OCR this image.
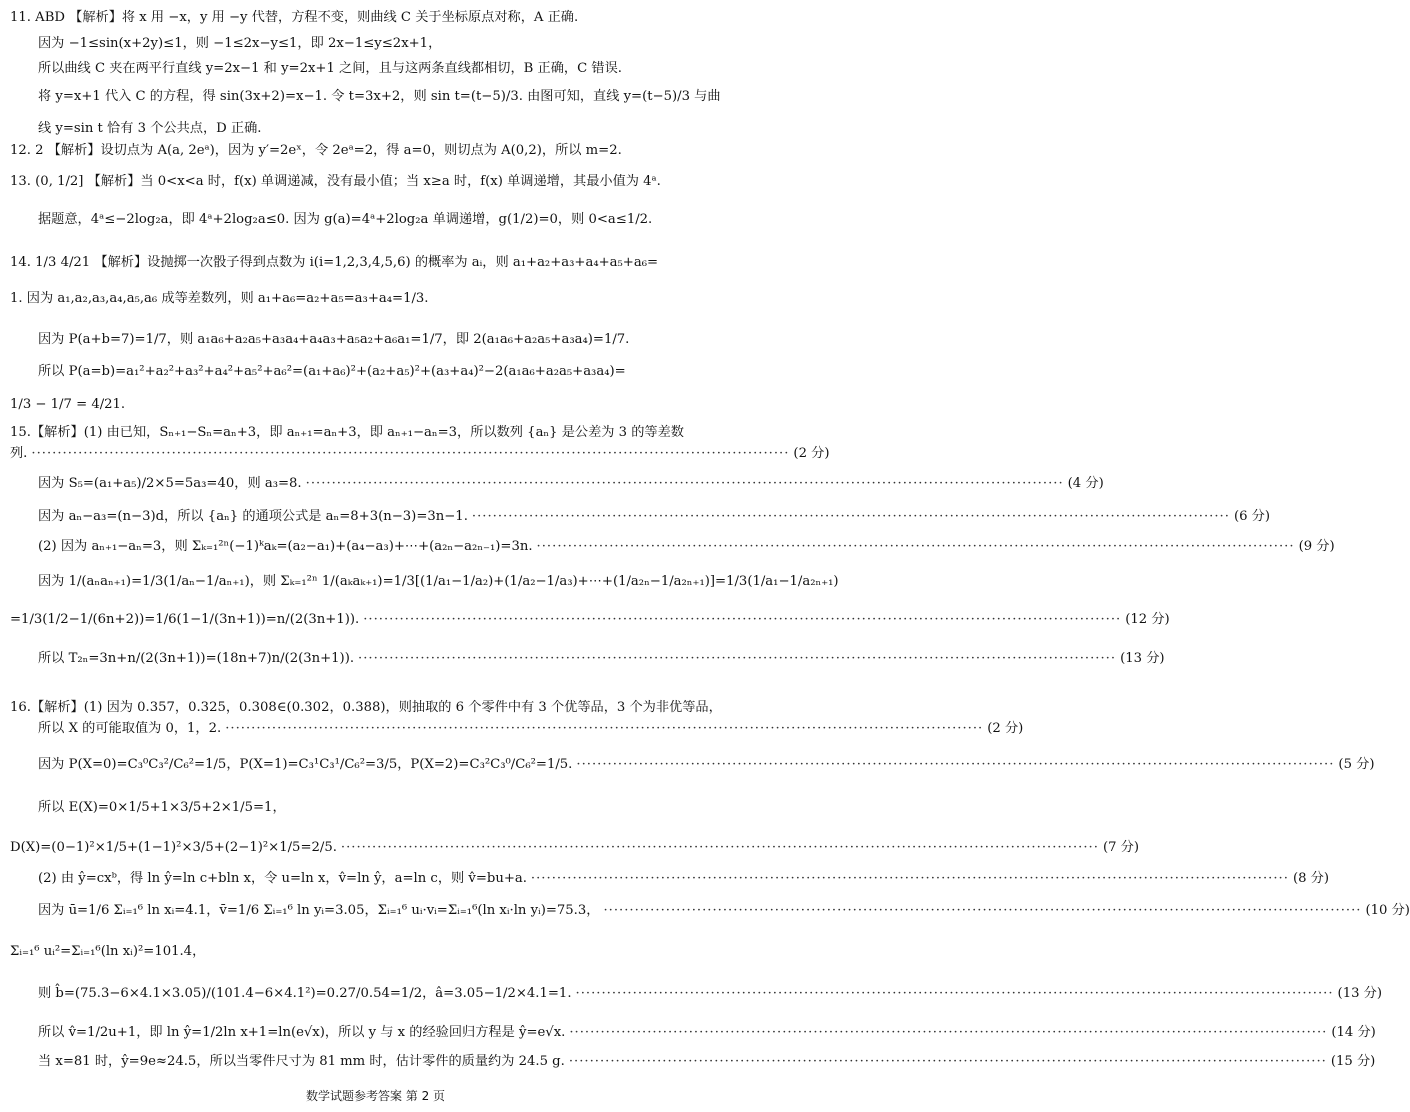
11. ABD 【解析】将 x 用 −x，y 用 −y 代替，方程不变，则曲线 C 关于坐标原点对称，A 正确.
因为 −1≤sin(x+2y)≤1，则 −1≤2x−y≤1，即 2x−1≤y≤2x+1，
所以曲线 C 夹在两平行直线 y=2x−1 和 y=2x+1 之间，且与这两条直线都相切，B 正确，C 错误.
将 y=x+1 代入 C 的方程，得 sin(3x+2)=x−1. 令 t=3x+2，则 sin t=(t−5)/3. 由图可知，直线 y=(t−5)/3 与曲
线 y=sin t 恰有 3 个公共点，D 正确.
12. 2 【解析】设切点为 A(a, 2eᵃ)，因为 y′=2eˣ，令 2eᵃ=2，得 a=0，则切点为 A(0,2)，所以 m=2.
13. (0, 1/2] 【解析】当 0<x<a 时，f(x) 单调递减，没有最小值；当 x≥a 时，f(x) 单调递增，其最小值为 4ᵃ.
据题意，4ᵃ≤−2log₂a，即 4ᵃ+2log₂a≤0. 因为 g(a)=4ᵃ+2log₂a 单调递增，g(1/2)=0，则 0<a≤1/2.
14. 1/3 4/21 【解析】设抛掷一次骰子得到点数为 i(i=1,2,3,4,5,6) 的概率为 aᵢ，则 a₁+a₂+a₃+a₄+a₅+a₆=
1. 因为 a₁,a₂,a₃,a₄,a₅,a₆ 成等差数列，则 a₁+a₆=a₂+a₅=a₃+a₄=1/3.
因为 P(a+b=7)=1/7，则 a₁a₆+a₂a₅+a₃a₄+a₄a₃+a₅a₂+a₆a₁=1/7，即 2(a₁a₆+a₂a₅+a₃a₄)=1/7.
所以 P(a=b)=a₁²+a₂²+a₃²+a₄²+a₅²+a₆²=(a₁+a₆)²+(a₂+a₅)²+(a₃+a₄)²−2(a₁a₆+a₂a₅+a₃a₄)=
1/3 − 1/7 = 4/21.
15.【解析】(1) 由已知，Sₙ₊₁−Sₙ=aₙ+3，即 aₙ₊₁=aₙ+3，即 aₙ₊₁−aₙ=3，所以数列 {aₙ} 是公差为 3 的等差数
列. ·····	(2 分)
因为 S₅=(a₁+a₅)/2×5=5a₃=40，则 a₃=8. ·····	(4 分)
因为 aₙ−a₃=(n−3)d，所以 {aₙ} 的通项公式是 aₙ=8+3(n−3)=3n−1. ·····	(6 分)
(2) 因为 aₙ₊₁−aₙ=3，则 Σₖ₌₁²ⁿ(−1)ᵏaₖ=(a₂−a₁)+(a₄−a₃)+⋯+(a₂ₙ−a₂ₙ₋₁)=3n. ·····	(9 分)
因为 1/(aₙaₙ₊₁)=1/3(1/aₙ−1/aₙ₊₁)，则 Σₖ₌₁²ⁿ 1/(aₖaₖ₊₁)=1/3[(1/a₁−1/a₂)+(1/a₂−1/a₃)+⋯+(1/a₂ₙ−1/a₂ₙ₊₁)]=1/3(1/a₁−1/a₂ₙ₊₁)
=1/3(1/2−1/(6n+2))=1/6(1−1/(3n+1))=n/(2(3n+1)). ·····	(12 分)
所以 T₂ₙ=3n+n/(2(3n+1))=(18n+7)n/(2(3n+1)). ·····	(13 分)
16.【解析】(1) 因为 0.357，0.325，0.308∈(0.302，0.388)，则抽取的 6 个零件中有 3 个优等品，3 个为非优等品，
所以 X 的可能取值为 0，1，2. ·····	(2 分)
因为 P(X=0)=C₃⁰C₃²/C₆²=1/5，P(X=1)=C₃¹C₃¹/C₆²=3/5，P(X=2)=C₃²C₃⁰/C₆²=1/5. ·····	(5 分)
所以 E(X)=0×1/5+1×3/5+2×1/5=1，
D(X)=(0−1)²×1/5+(1−1)²×3/5+(2−1)²×1/5=2/5. ·····	(7 分)
(2) 由 ŷ=cxᵇ，得 ln ŷ=ln c+bln x，令 u=ln x，v̂=ln ŷ，a=ln c，则 v̂=bu+a. ·····	(8 分)
因为 ū=1/6 Σᵢ₌₁⁶ ln xᵢ=4.1，v̄=1/6 Σᵢ₌₁⁶ ln yᵢ=3.05，Σᵢ₌₁⁶ uᵢ·vᵢ=Σᵢ₌₁⁶(ln xᵢ·ln yᵢ)=75.3， ·····	(10 分)
Σᵢ₌₁⁶ uᵢ²=Σᵢ₌₁⁶(ln xᵢ)²=101.4，
则 b̂=(75.3−6×4.1×3.05)/(101.4−6×4.1²)=0.27/0.54=1/2，â=3.05−1/2×4.1=1. ·····	(13 分)
所以 v̂=1/2u+1，即 ln ŷ=1/2ln x+1=ln(e√x)，所以 y 与 x 的经验回归方程是 ŷ=e√x. ·····	(14 分)
当 x=81 时，ŷ=9e≈24.5，所以当零件尺寸为 81 mm 时，估计零件的质量约为 24.5 g. ·····	(15 分)
数学试题参考答案 第 2 页
